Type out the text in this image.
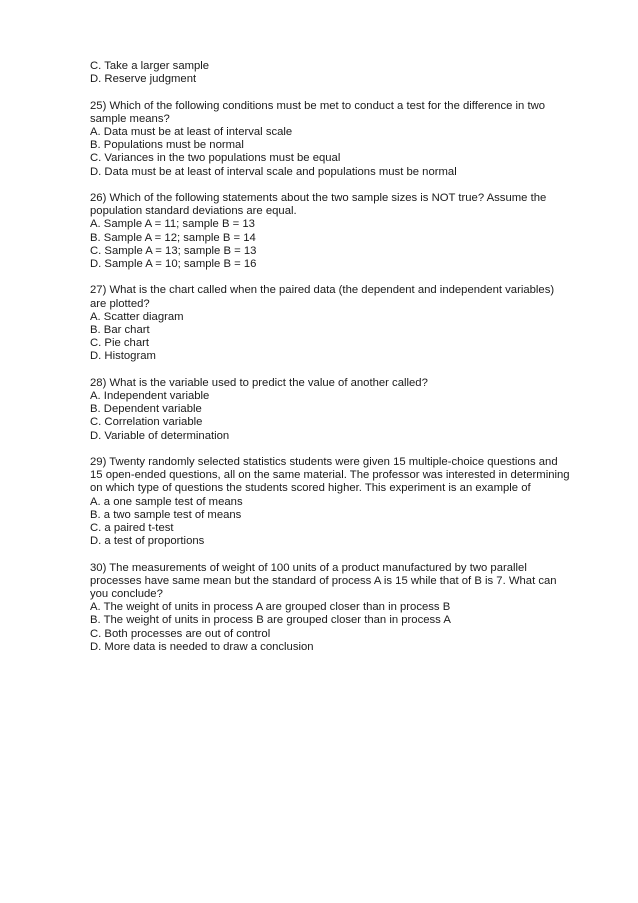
C. Take a larger sample
D. Reserve judgment
25) Which of the following conditions must be met to conduct a test for the difference in two
sample means?
A. Data must be at least of interval scale
B. Populations must be normal
C. Variances in the two populations must be equal
D. Data must be at least of interval scale and populations must be normal
26) Which of the following statements about the two sample sizes is NOT true? Assume the
population standard deviations are equal.
A. Sample A = 11; sample B = 13
B. Sample A = 12; sample B = 14
C. Sample A = 13; sample B = 13
D. Sample A = 10; sample B = 16
27) What is the chart called when the paired data (the dependent and independent variables)
are plotted?
A. Scatter diagram
B. Bar chart
C. Pie chart
D. Histogram
28) What is the variable used to predict the value of another called?
A. Independent variable
B. Dependent variable
C. Correlation variable
D. Variable of determination
29) Twenty randomly selected statistics students were given 15 multiple-choice questions and
15 open-ended questions, all on the same material. The professor was interested in determining
on which type of questions the students scored higher. This experiment is an example of
A. a one sample test of means
B. a two sample test of means
C. a paired t-test
D. a test of proportions
30) The measurements of weight of 100 units of a product manufactured by two parallel
processes have same mean but the standard of process A is 15 while that of B is 7. What can
you conclude?
A. The weight of units in process A are grouped closer than in process B
B. The weight of units in process B are grouped closer than in process A
C. Both processes are out of control
D. More data is needed to draw a conclusion
